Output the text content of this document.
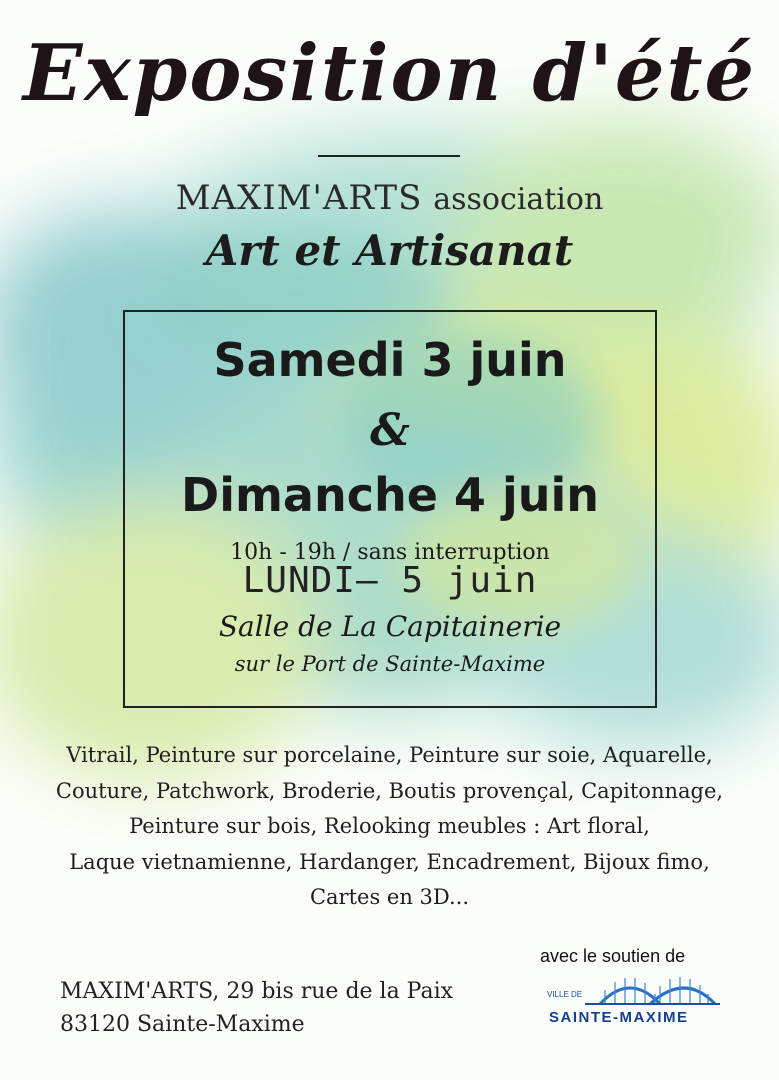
Exposition d'été
MAXIM'ARTS association
Art et Artisanat
Samedi 3 juin
&
Dimanche 4 juin
10h - 19h / sans interruption
LUNDI— 5 juin
Salle de La Capitainerie
sur le Port de Sainte-Maxime
Vitrail, Peinture sur porcelaine, Peinture sur soie, Aquarelle,
Couture, Patchwork, Broderie, Boutis provençal, Capitonnage,
Peinture sur bois, Relooking meubles : Art floral,
Laque vietnamienne, Hardanger, Encadrement, Bijoux fimo,
Cartes en 3D...
MAXIM'ARTS, 29 bis rue de la Paix
83120 Sainte-Maxime
avec le soutien de
VILLE DE
SAINTE-MAXIME
